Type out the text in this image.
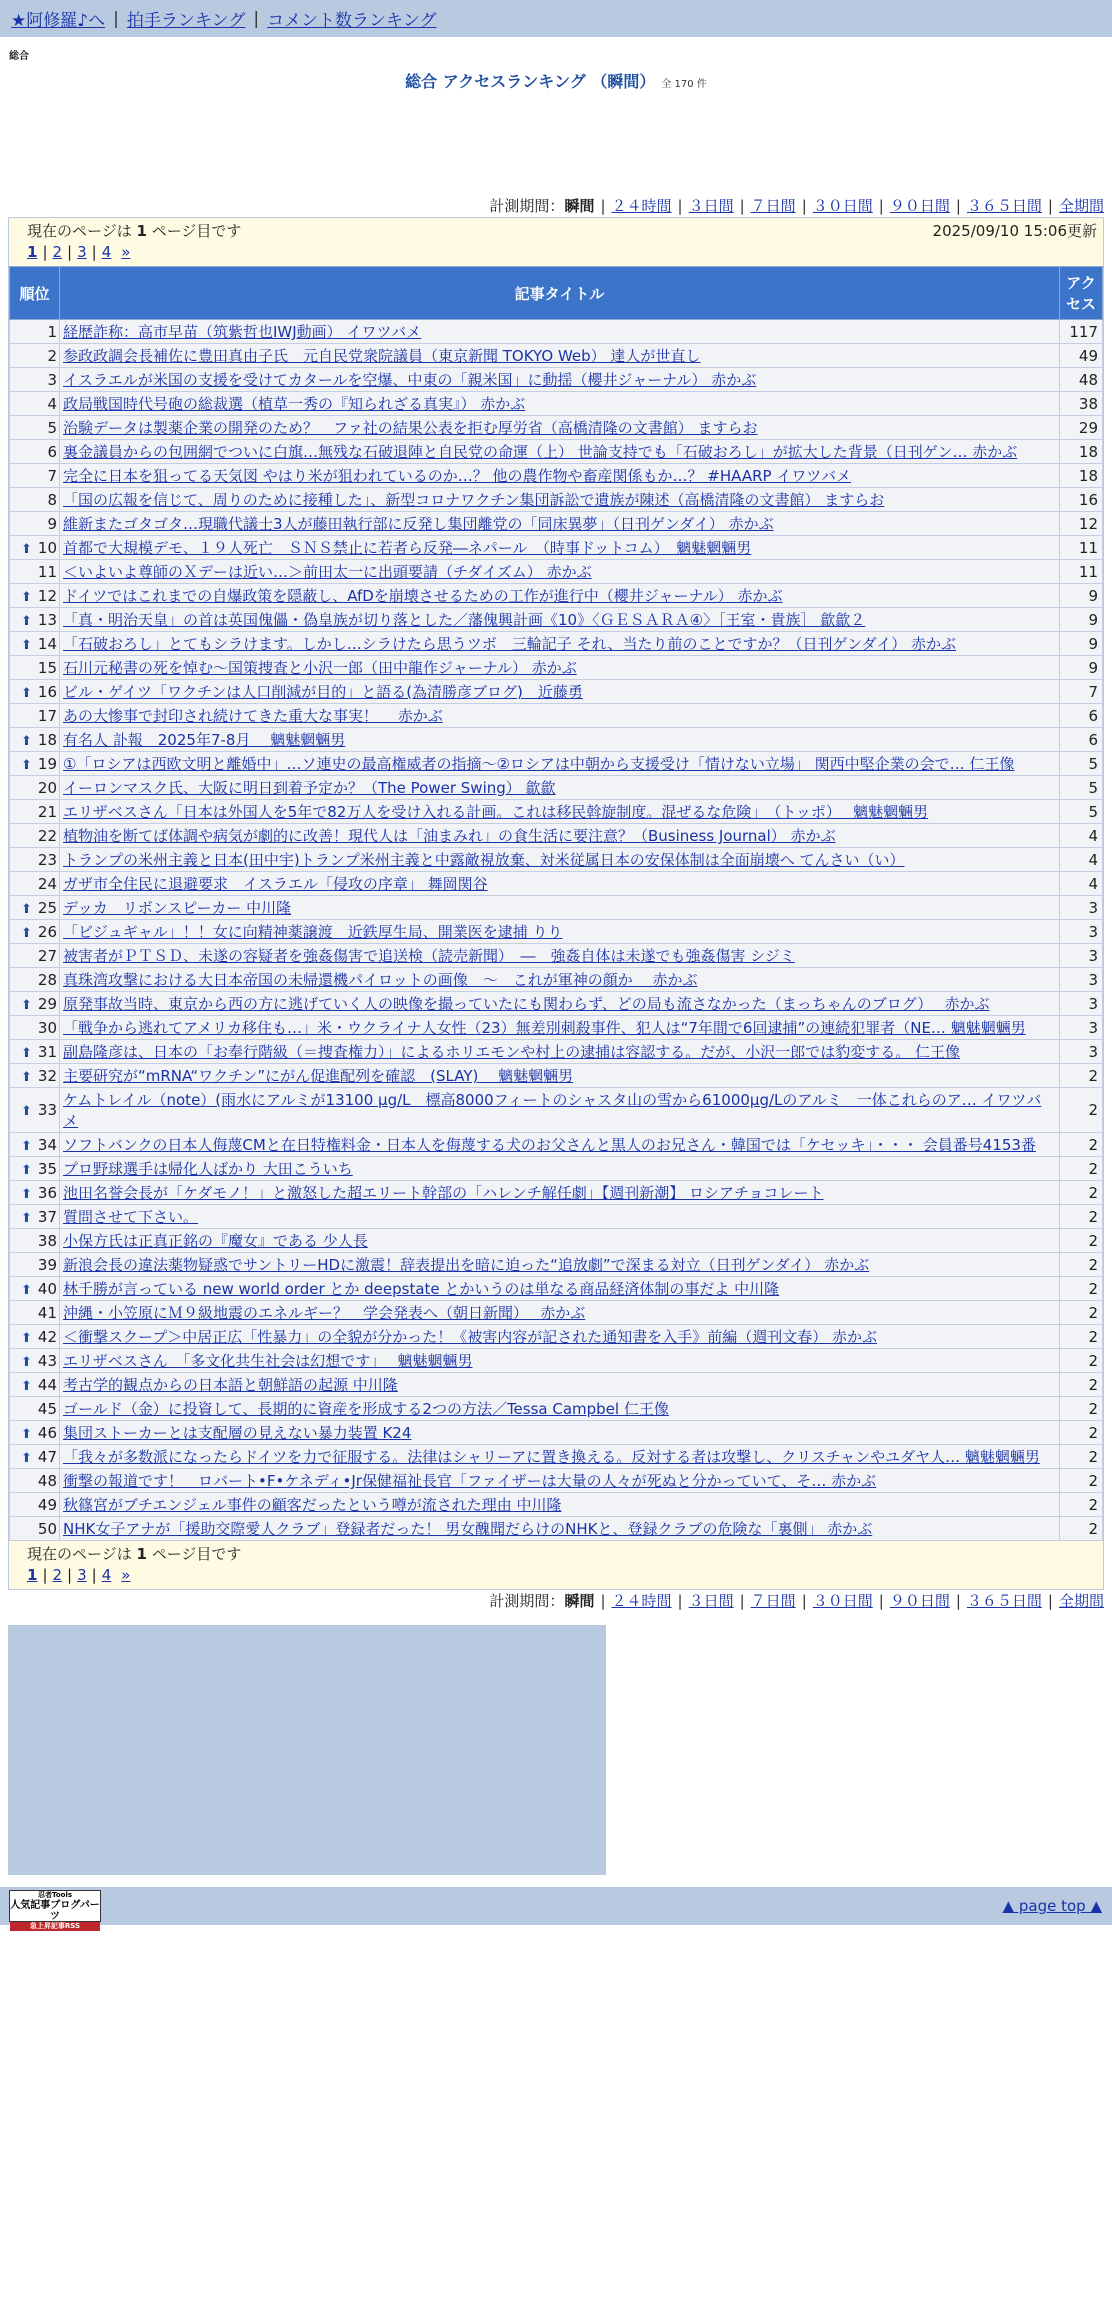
★阿修羅♪へ | 拍手ランキング | コメント数ランキング
総合
総合 アクセスランキング （瞬間） 全 170 件
計測期間：瞬間 | ２４時間 | ３日間 | ７日間 | ３０日間 | ９０日間 | ３６５日間 | 全期間
現在のページは 1 ページ目です	2025/09/10 15:06更新
1 | 2 | 3 | 4 »
順位	記事タイトル	アクセス
1	経歴詐称：高市早苗（筑紫哲也IWJ動画） イワツバメ	117
2	参政政調会長補佐に豊田真由子氏　元自民党衆院議員（東京新聞 TOKYO Web） 達人が世直し	49
3	イスラエルが米国の支援を受けてカタールを空爆、中東の「親米国」に動揺（櫻井ジャーナル） 赤かぶ	48
4	政局戦国時代号砲の総裁選（植草一秀の『知られざる真実』） 赤かぶ	38
5	治験データは製薬企業の開発のため？　ファ社の結果公表を拒む厚労省（高橋清隆の文書館） ますらお	29
6	裏金議員からの包囲網でついに白旗…無残な石破退陣と自民党の命運（上） 世論支持でも「石破おろし」が拡大した背景（日刊ゲン… 赤かぶ	18
7	完全に日本を狙ってる天気図 やはり米が狙われているのか…？ 他の農作物や畜産関係もか…？ #HAARP イワツバメ	18
8	「国の広報を信じて、周りのために接種した」、新型コロナワクチン集団訴訟で遺族が陳述（高橋清隆の文書館） ますらお	16
9	維新またゴタゴタ…現職代議士3人が藤田執行部に反発し集団離党の「同床異夢」（日刊ゲンダイ） 赤かぶ	12
⬆ 10	首都で大規模デモ、１９人死亡　ＳＮＳ禁止に若者ら反発―ネパール　（時事ドットコム）　魑魅魍魎男	11
11	＜いよいよ尊師のＸデーは近い…＞前田太一に出頭要請（チダイズム） 赤かぶ	11
⬆ 12	ドイツではこれまでの自爆政策を隠蔽し、AfDを崩壊させるための工作が進行中（櫻井ジャーナル） 赤かぶ	9
⬆ 13	「真・明治天皇」の首は英国傀儡・偽皇族が切り落とした／藩傀興計画《10》〈ＧＥＳＡＲＡ④〉［王室・貴族］ 歙歙２	9
⬆ 14	「石破おろし」とてもシラけます。しかし…シラけたら思うツボ　三輪記子 それ、当たり前のことですか？（日刊ゲンダイ） 赤かぶ	9
15	石川元秘書の死を悼む〜国策捜査と小沢一郎（田中龍作ジャーナル） 赤かぶ	9
⬆ 16	ビル・ゲイツ「ワクチンは人口削減が目的」と語る(為清勝彦ブログ)　近藤勇	7
17	あの大惨事で封印され続けてきた重大な事実！　 赤かぶ	6
⬆ 18	有名人 訃報　2025年7-8月　 魑魅魍魎男	6
⬆ 19	①「ロシアは西欧文明と離婚中」…ソ連史の最高権威者の指摘〜②ロシアは中朝から支援受け「情けない立場」 関西中堅企業の会で… 仁王像	5
20	イーロンマスク氏、大阪に明日到着予定か？（The Power Swing） 歙歙	5
21	エリザベスさん「日本は外国人を5年で82万人を受け入れる計画。これは移民斡旋制度。混ぜるな危険」　（トッポ）　 魑魅魍魎男	5
22	植物油を断てば体調や病気が劇的に改善！現代人は「油まみれ」の食生活に要注意？（Business Journal） 赤かぶ	4
23	トランプの米州主義と日本(田中宇)トランプ米州主義と中露敵視放棄、対米従属日本の安保体制は全面崩壊へ てんさい（い）	4
24	ガザ市全住民に退避要求　イスラエル「侵攻の序章」 舞岡関谷	4
⬆ 25	デッカ　リボンスピーカー 中川隆	3
⬆ 26	「ビジュギャル」！！女に向精神薬譲渡　近鉄厚生局、開業医を逮捕 りり	3
27	被害者がＰＴＳＤ、未遂の容疑者を強姦傷害で追送検（読売新聞）　―　強姦自体は未遂でも強姦傷害 シジミ	3
28	真珠湾攻撃における大日本帝国の未帰還機パイロットの画像　〜　これが軍神の顔か　 赤かぶ	3
⬆ 29	原発事故当時、東京から西の方に逃げていく人の映像を撮っていたにも関わらず、どの局も流さなかった（まっちゃんのブログ）　 赤かぶ	3
30	「戦争から逃れてアメリカ移住も…」米・ウクライナ人女性（23）無差別刺殺事件、犯人は“7年間で6回逮捕”の連続犯罪者（NE… 魑魅魍魎男	3
⬆ 31	副島隆彦は、日本の「お奉行階級（＝捜査権力）」によるホリエモンや村上の逮捕は容認する。だが、小沢一郎では豹変する。 仁王像	3
⬆ 32	主要研究が“mRNA“ワクチン”にがん促進配列を確認　(SLAY)　 魑魅魍魎男	2
⬆ 33	ケムトレイル（note）(雨水にアルミが13100 μg/L　標高8000フィートのシャスタ山の雪から61000μg/Lのアルミ　一体これらのア… イワツバメ	2
⬆ 34	ソフトバンクの日本人侮蔑CMと在日特権料金・日本人を侮蔑する犬のお父さんと黒人のお兄さん・韓国では「ケセッキ」・・・ 会員番号4153番	2
⬆ 35	プロ野球選手は帰化人ばかり 大田こういち	2
⬆ 36	池田名誉会長が「ケダモノ！」と激怒した超エリート幹部の「ハレンチ解任劇」【週刊新潮】 ロシアチョコレート	2
⬆ 37	質問させて下さい。	2
38	小保方氏は正真正銘の『魔女』である 少人長	2
39	新浪会長の違法薬物疑惑でサントリーHDに激震！辞表提出を暗に迫った“追放劇”で深まる対立（日刊ゲンダイ） 赤かぶ	2
⬆ 40	林千勝が言っている new world order とか deepstate とかいうのは単なる商品経済体制の事だよ 中川隆	2
41	沖縄・小笠原にＭ９級地震のエネルギー？　学会発表へ（朝日新聞）　 赤かぶ	2
⬆ 42	＜衝撃スクープ＞中居正広「性暴力」の全貌が分かった！《被害内容が記された通知書を入手》前編（週刊文春） 赤かぶ	2
⬆ 43	エリザベスさん　「多文化共生社会は幻想です」　 魑魅魍魎男	2
⬆ 44	考古学的観点からの日本語と朝鮮語の起源 中川隆	2
45	ゴールド（金）に投資して、長期的に資産を形成する2つの方法／Tessa Campbel 仁王像	2
⬆ 46	集団ストーカーとは支配層の見えない暴力装置 K24	2
⬆ 47	「我々が多数派になったらドイツを力で征服する。法律はシャリーアに置き換える。反対する者は攻撃し、クリスチャンやユダヤ人… 魑魅魍魎男	2
48	衝撃の報道です！　ロバート•F•ケネディ•Jr保健福祉長官「ファイザーは大量の人々が死ぬと分かっていて、そ… 赤かぶ	2
49	秋篠宮がブチエンジェル事件の顧客だったという噂が流された理由 中川隆	2
50	NHK女子アナが「援助交際愛人クラブ」登録者だった！ 男女醜聞だらけのNHKと、登録クラブの危険な「裏側」 赤かぶ	2
現在のページは 1 ページ目です
1 | 2 | 3 | 4 »
計測期間：瞬間 | ２４時間 | ３日間 | ７日間 | ３０日間 | ９０日間 | ３６５日間 | 全期間
忍者Tools
人気記事ブログパーツ
急上昇記事RSS
▲ page top ▲
